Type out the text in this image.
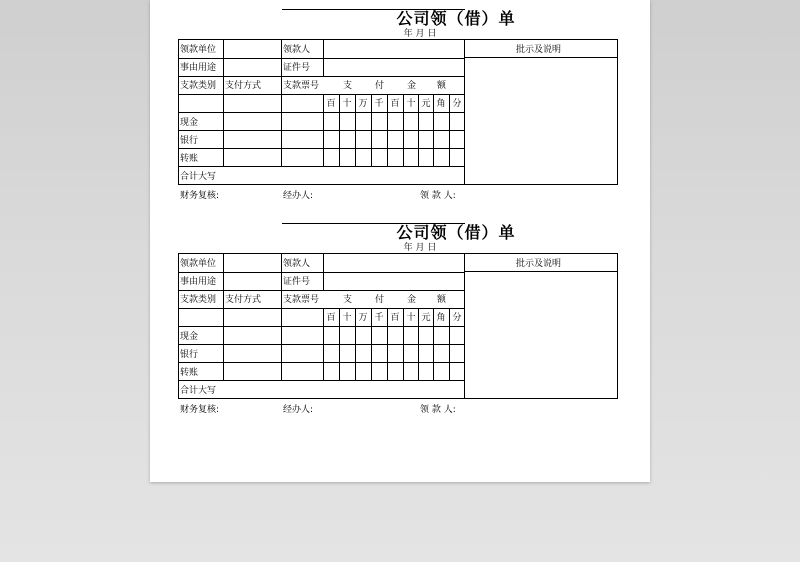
公司领（借）单
年 月 日
领款单位	领款人	批示及说明
事由用途	证件号
支款类别 支付方式 支款票号	支	付	金 额
百 十 万 千 百 十 元 角 分
现金
银行
转账
合计大写
财务复核:	经办人:	领 款 人:
公司领（借）单
年 月 日
领款单位	领款人	批示及说明
事由用途	证件号
支款类别 支付方式 支款票号	支	付	金 额
百 十 万 千 百 十 元 角 分
现金
银行
转账
合计大写
财务复核:	经办人:	领 款 人:
